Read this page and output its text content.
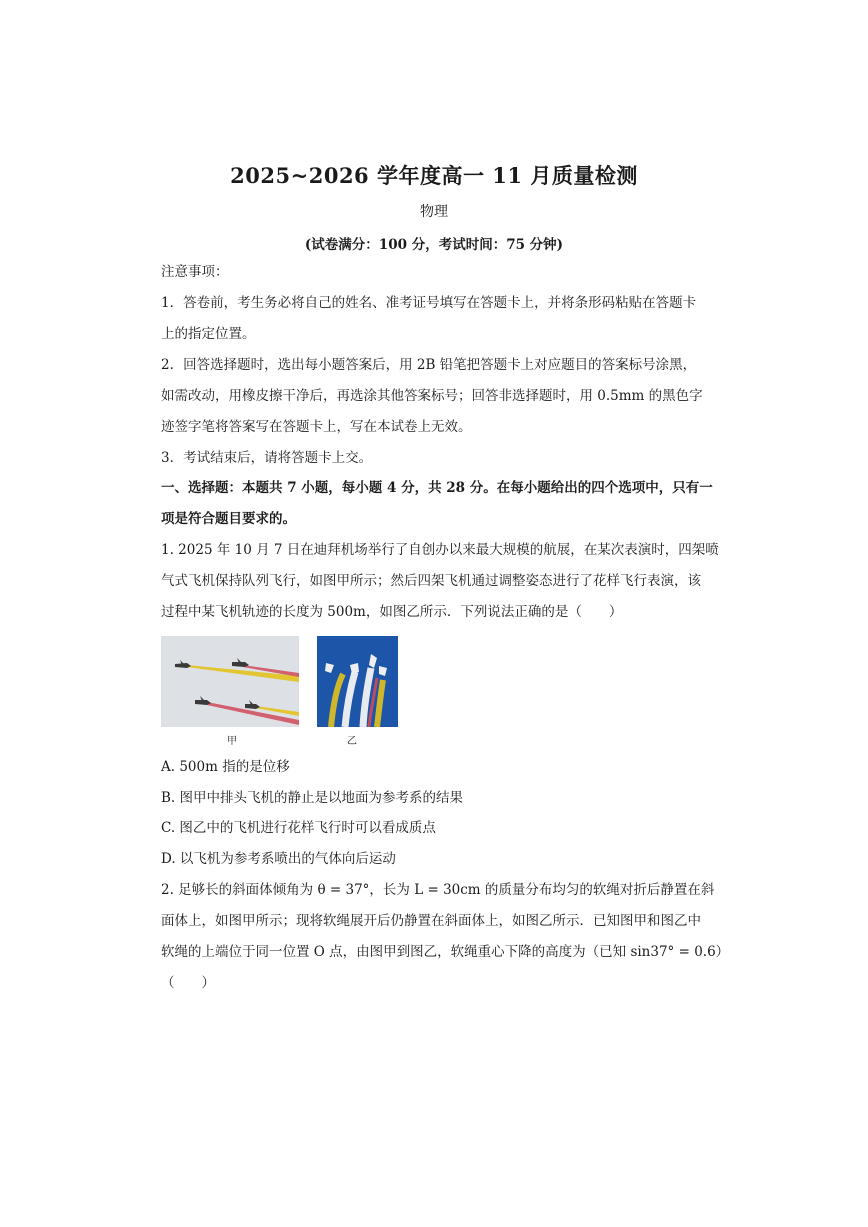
2025~2026 学年度高一 11 月质量检测
物理
(试卷满分：100 分，考试时间：75 分钟)
注意事项：
1．答卷前，考生务必将自己的姓名、准考证号填写在答题卡上，并将条形码粘贴在答题卡
上的指定位置。
2．回答选择题时，选出每小题答案后，用 2B 铅笔把答题卡上对应题目的答案标号涂黑，
如需改动，用橡皮擦干净后，再选涂其他答案标号；回答非选择题时，用 0.5mm 的黑色字
迹签字笔将答案写在答题卡上，写在本试卷上无效。
3．考试结束后，请将答题卡上交。
一、选择题：本题共 7 小题，每小题 4 分，共 28 分。在每小题给出的四个选项中，只有一
项是符合题目要求的。
1. 2025 年 10 月 7 日在迪拜机场举行了自创办以来最大规模的航展，在某次表演时，四架喷
气式飞机保持队列飞行，如图甲所示；然后四架飞机通过调整姿态进行了花样飞行表演，该
过程中某飞机轨迹的长度为 500m，如图乙所示．下列说法正确的是（　　）
甲	乙
A. 500m 指的是位移
B. 图甲中排头飞机的静止是以地面为参考系的结果
C. 图乙中的飞机进行花样飞行时可以看成质点
D. 以飞机为参考系喷出的气体向后运动
2. 足够长的斜面体倾角为 θ = 37°，长为 L = 30cm 的质量分布均匀的软绳对折后静置在斜
面体上，如图甲所示；现将软绳展开后仍静置在斜面体上，如图乙所示．已知图甲和图乙中
软绳的上端位于同一位置 O 点，由图甲到图乙，软绳重心下降的高度为（已知 sin37° = 0.6）
（　　）
